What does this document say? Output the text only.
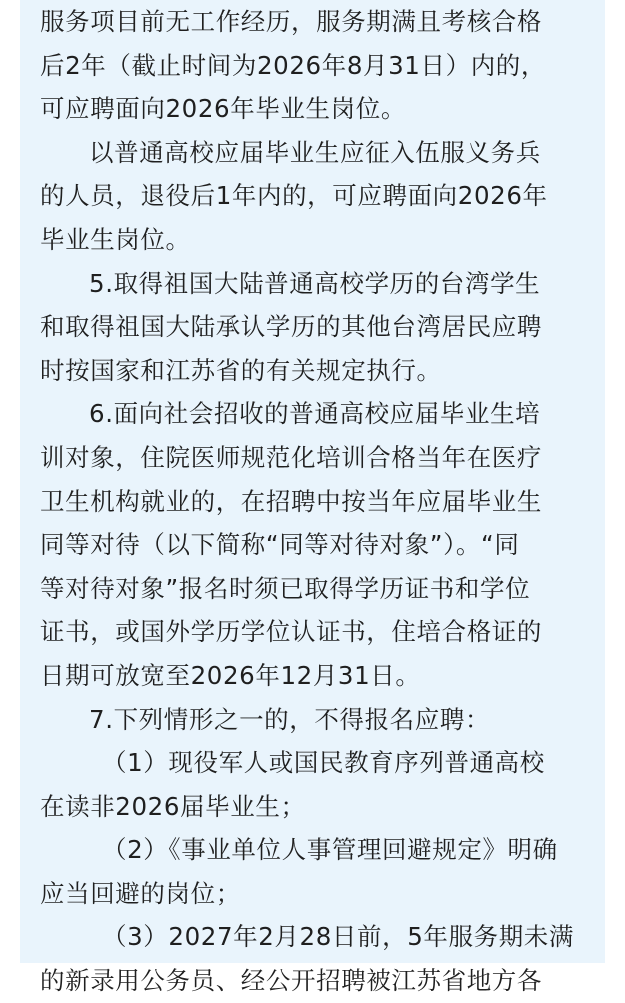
服务项目前无工作经历，服务期满且考核合格
后2年（截止时间为2026年8月31日）内的，
可应聘面向2026年毕业生岗位。
以普通高校应届毕业生应征入伍服义务兵
的人员，退役后1年内的，可应聘面向2026年
毕业生岗位。
5.取得祖国大陆普通高校学历的台湾学生
和取得祖国大陆承认学历的其他台湾居民应聘
时按国家和江苏省的有关规定执行。
6.面向社会招收的普通高校应届毕业生培
训对象，住院医师规范化培训合格当年在医疗
卫生机构就业的，在招聘中按当年应届毕业生
同等对待（以下简称“同等对待对象”）。“同
等对待对象”报名时须已取得学历证书和学位
证书，或国外学历学位认证书，住培合格证的
日期可放宽至2026年12月31日。
7.下列情形之一的，不得报名应聘：
（1）现役军人或国民教育序列普通高校
在读非2026届毕业生；
（2）《事业单位人事管理回避规定》明确
应当回避的岗位；
（3）2027年2月28日前，5年服务期未满
的新录用公务员、经公开招聘被江苏省地方各
